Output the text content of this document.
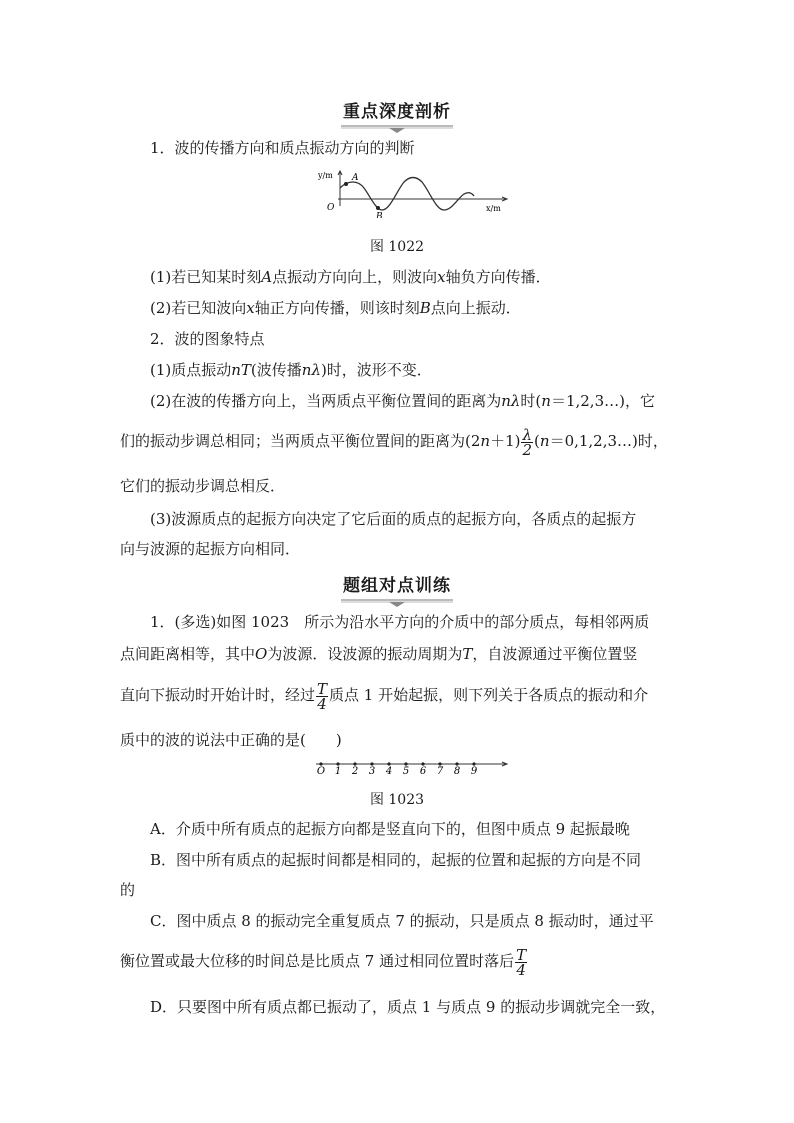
重点深度剖析
1．波的传播方向和质点振动方向的判断
y/m
O
A
B
x/m
图 1022
(1)若已知某时刻A点振动方向向上，则波向x轴负方向传播．
(2)若已知波向x轴正方向传播，则该时刻B点向上振动．
2．波的图象特点
(1)质点振动nT(波传播nλ)时，波形不变．
(2)在波的传播方向上，当两质点平衡位置间的距离为nλ时(n＝1,2,3…)，它
们的振动步调总相同；当两质点平衡位置间的距离为$(2n+1) \frac{\lambda}{2}$ (n＝0,1,2,3…)时，
它们的振动步调总相反．
(3)波源质点的起振方向决定了它后面的质点的起振方向，各质点的起振方
向与波源的起振方向相同．
题组对点训练
1．(多选)如图 1023　所示为沿水平方向的介质中的部分质点，每相邻两质
点间距离相等，其中O为波源．设波源的振动周期为T，自波源通过平衡位置竖
直向下振动时开始计时，经过 $\frac{T}{4}$ 质点 1 开始起振，则下列关于各质点的振动和介
质中的波的说法中正确的是(　　)
O 1 2 3 4 5 6 7 8 9
图 1023
A．介质中所有质点的起振方向都是竖直向下的，但图中质点 9 起振最晚
B．图中所有质点的起振时间都是相同的，起振的位置和起振的方向是不同
的
C．图中质点 8 的振动完全重复质点 7 的振动，只是质点 8 振动时，通过平
衡位置或最大位移的时间总是比质点 7 通过相同位置时落后 $\frac{T}{4}$
D．只要图中所有质点都已振动了，质点 1 与质点 9 的振动步调就完全一致，
